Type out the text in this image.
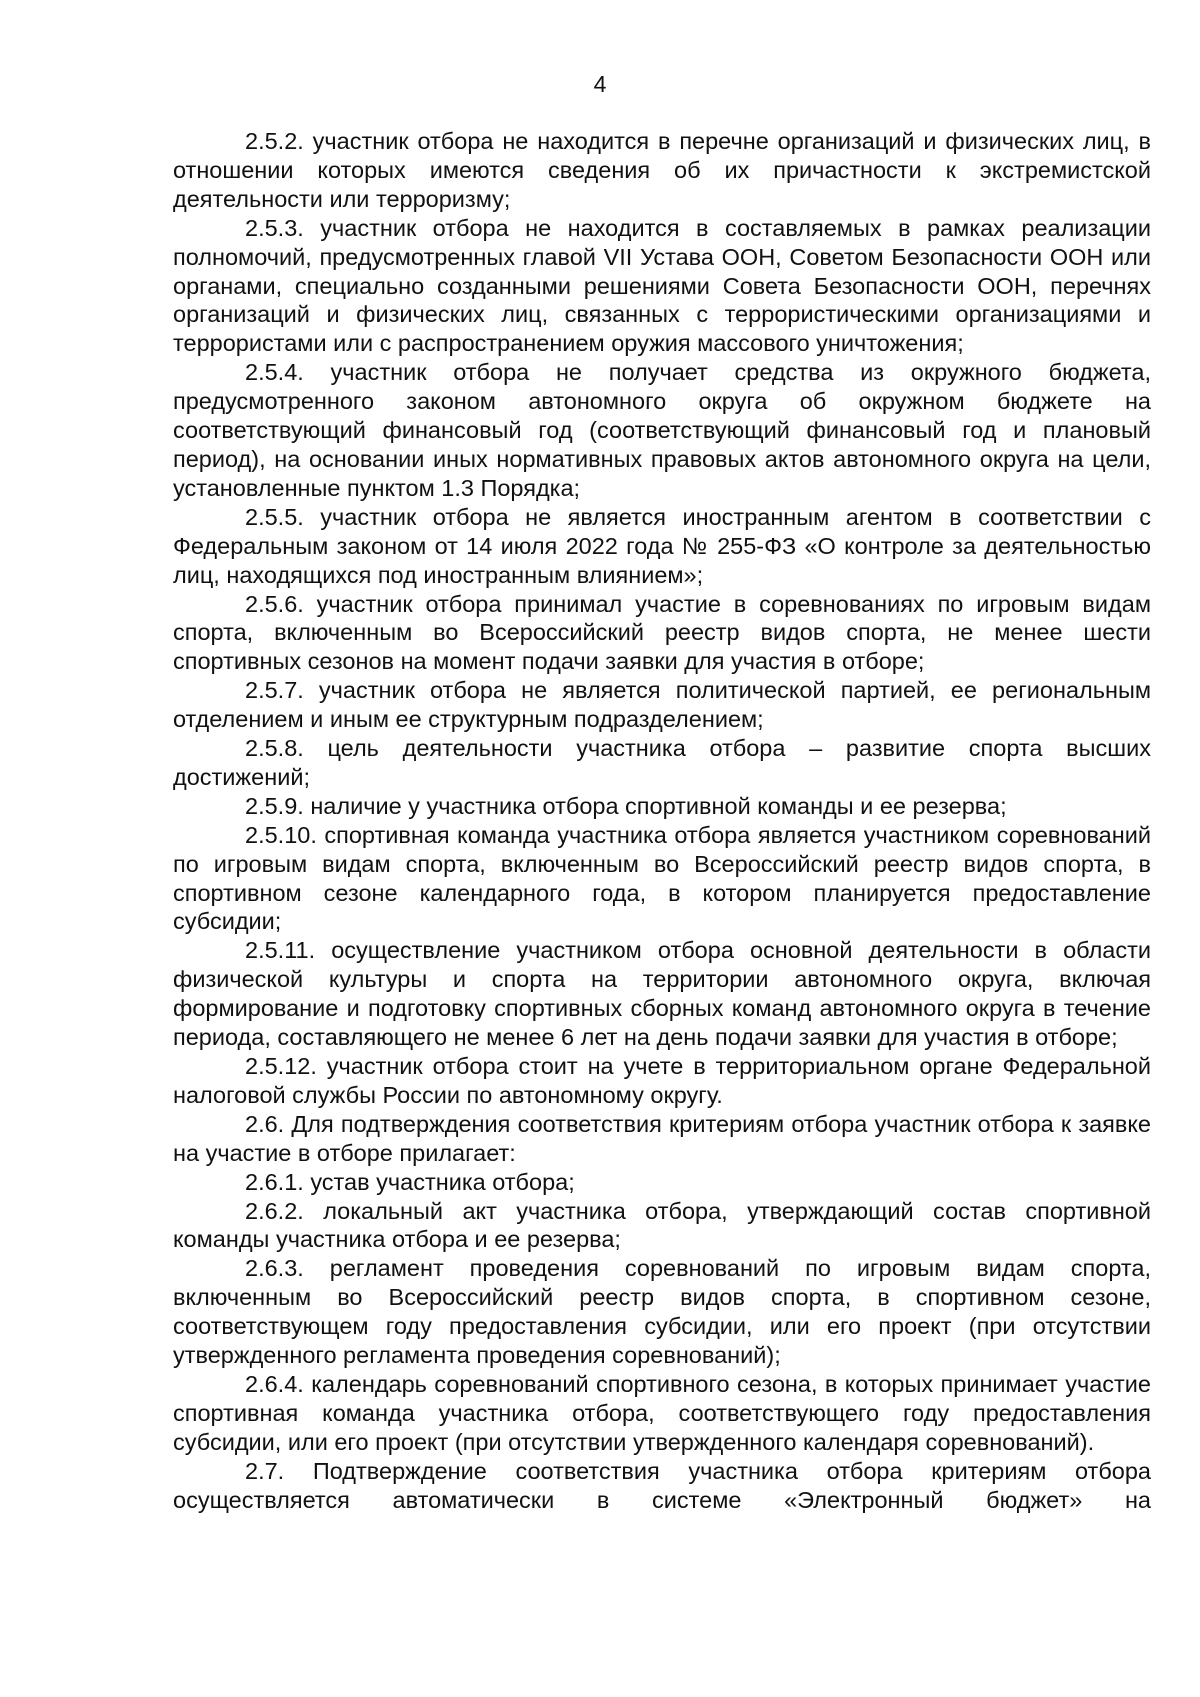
4

2.5.2. участник отбора не находится в перечне организаций и физических лиц, в отношении которых имеются сведения об их причастности к экстремистской деятельности или терроризму;

2.5.3. участник отбора не находится в составляемых в рамках реализации полномочий, предусмотренных главой VII Устава ООН, Советом Безопасности ООН или органами, специально созданными решениями Совета Безопасности ООН, перечнях организаций и физических лиц, связанных с террористическими организациями и террористами или с распространением оружия массового уничтожения;

2.5.4. участник отбора не получает средства из окружного бюджета, предусмотренного законом автономного округа об окружном бюджете на соответствующий финансовый год (соответствующий финансовый год и плановый период), на основании иных нормативных правовых актов автономного округа на цели, установленные пунктом 1.3 Порядка;

2.5.5. участник отбора не является иностранным агентом в соответствии с Федеральным законом от 14 июля 2022 года № 255-ФЗ «О контроле за деятельностью лиц, находящихся под иностранным влиянием»;

2.5.6. участник отбора принимал участие в соревнованиях по игровым видам спорта, включенным во Всероссийский реестр видов спорта, не менее шести спортивных сезонов на момент подачи заявки для участия в отборе;

2.5.7. участник отбора не является политической партией, ее региональным отделением и иным ее структурным подразделением;

2.5.8. цель деятельности участника отбора – развитие спорта высших достижений;

2.5.9. наличие у участника отбора спортивной команды и ее резерва;

2.5.10. спортивная команда участника отбора является участником соревнований по игровым видам спорта, включенным во Всероссийский реестр видов спорта, в спортивном сезоне календарного года, в котором планируется предоставление субсидии;

2.5.11. осуществление участником отбора основной деятельности в области физической культуры и спорта на территории автономного округа, включая формирование и подготовку спортивных сборных команд автономного округа в течение периода, составляющего не менее 6 лет на день подачи заявки для участия в отборе;

2.5.12. участник отбора стоит на учете в территориальном органе Федеральной налоговой службы России по автономному округу.

2.6. Для подтверждения соответствия критериям отбора участник отбора к заявке на участие в отборе прилагает:

2.6.1. устав участника отбора;

2.6.2. локальный акт участника отбора, утверждающий состав спортивной команды участника отбора и ее резерва;

2.6.3. регламент проведения соревнований по игровым видам спорта, включенным во Всероссийский реестр видов спорта, в спортивном сезоне, соответствующем году предоставления субсидии, или его проект (при отсутствии утвержденного регламента проведения соревнований);

2.6.4. календарь соревнований спортивного сезона, в которых принимает участие спортивная команда участника отбора, соответствующего году предоставления субсидии, или его проект (при отсутствии утвержденного календаря соревнований).

2.7. Подтверждение соответствия участника отбора критериям отбора осуществляется автоматически в системе «Электронный бюджет» на
